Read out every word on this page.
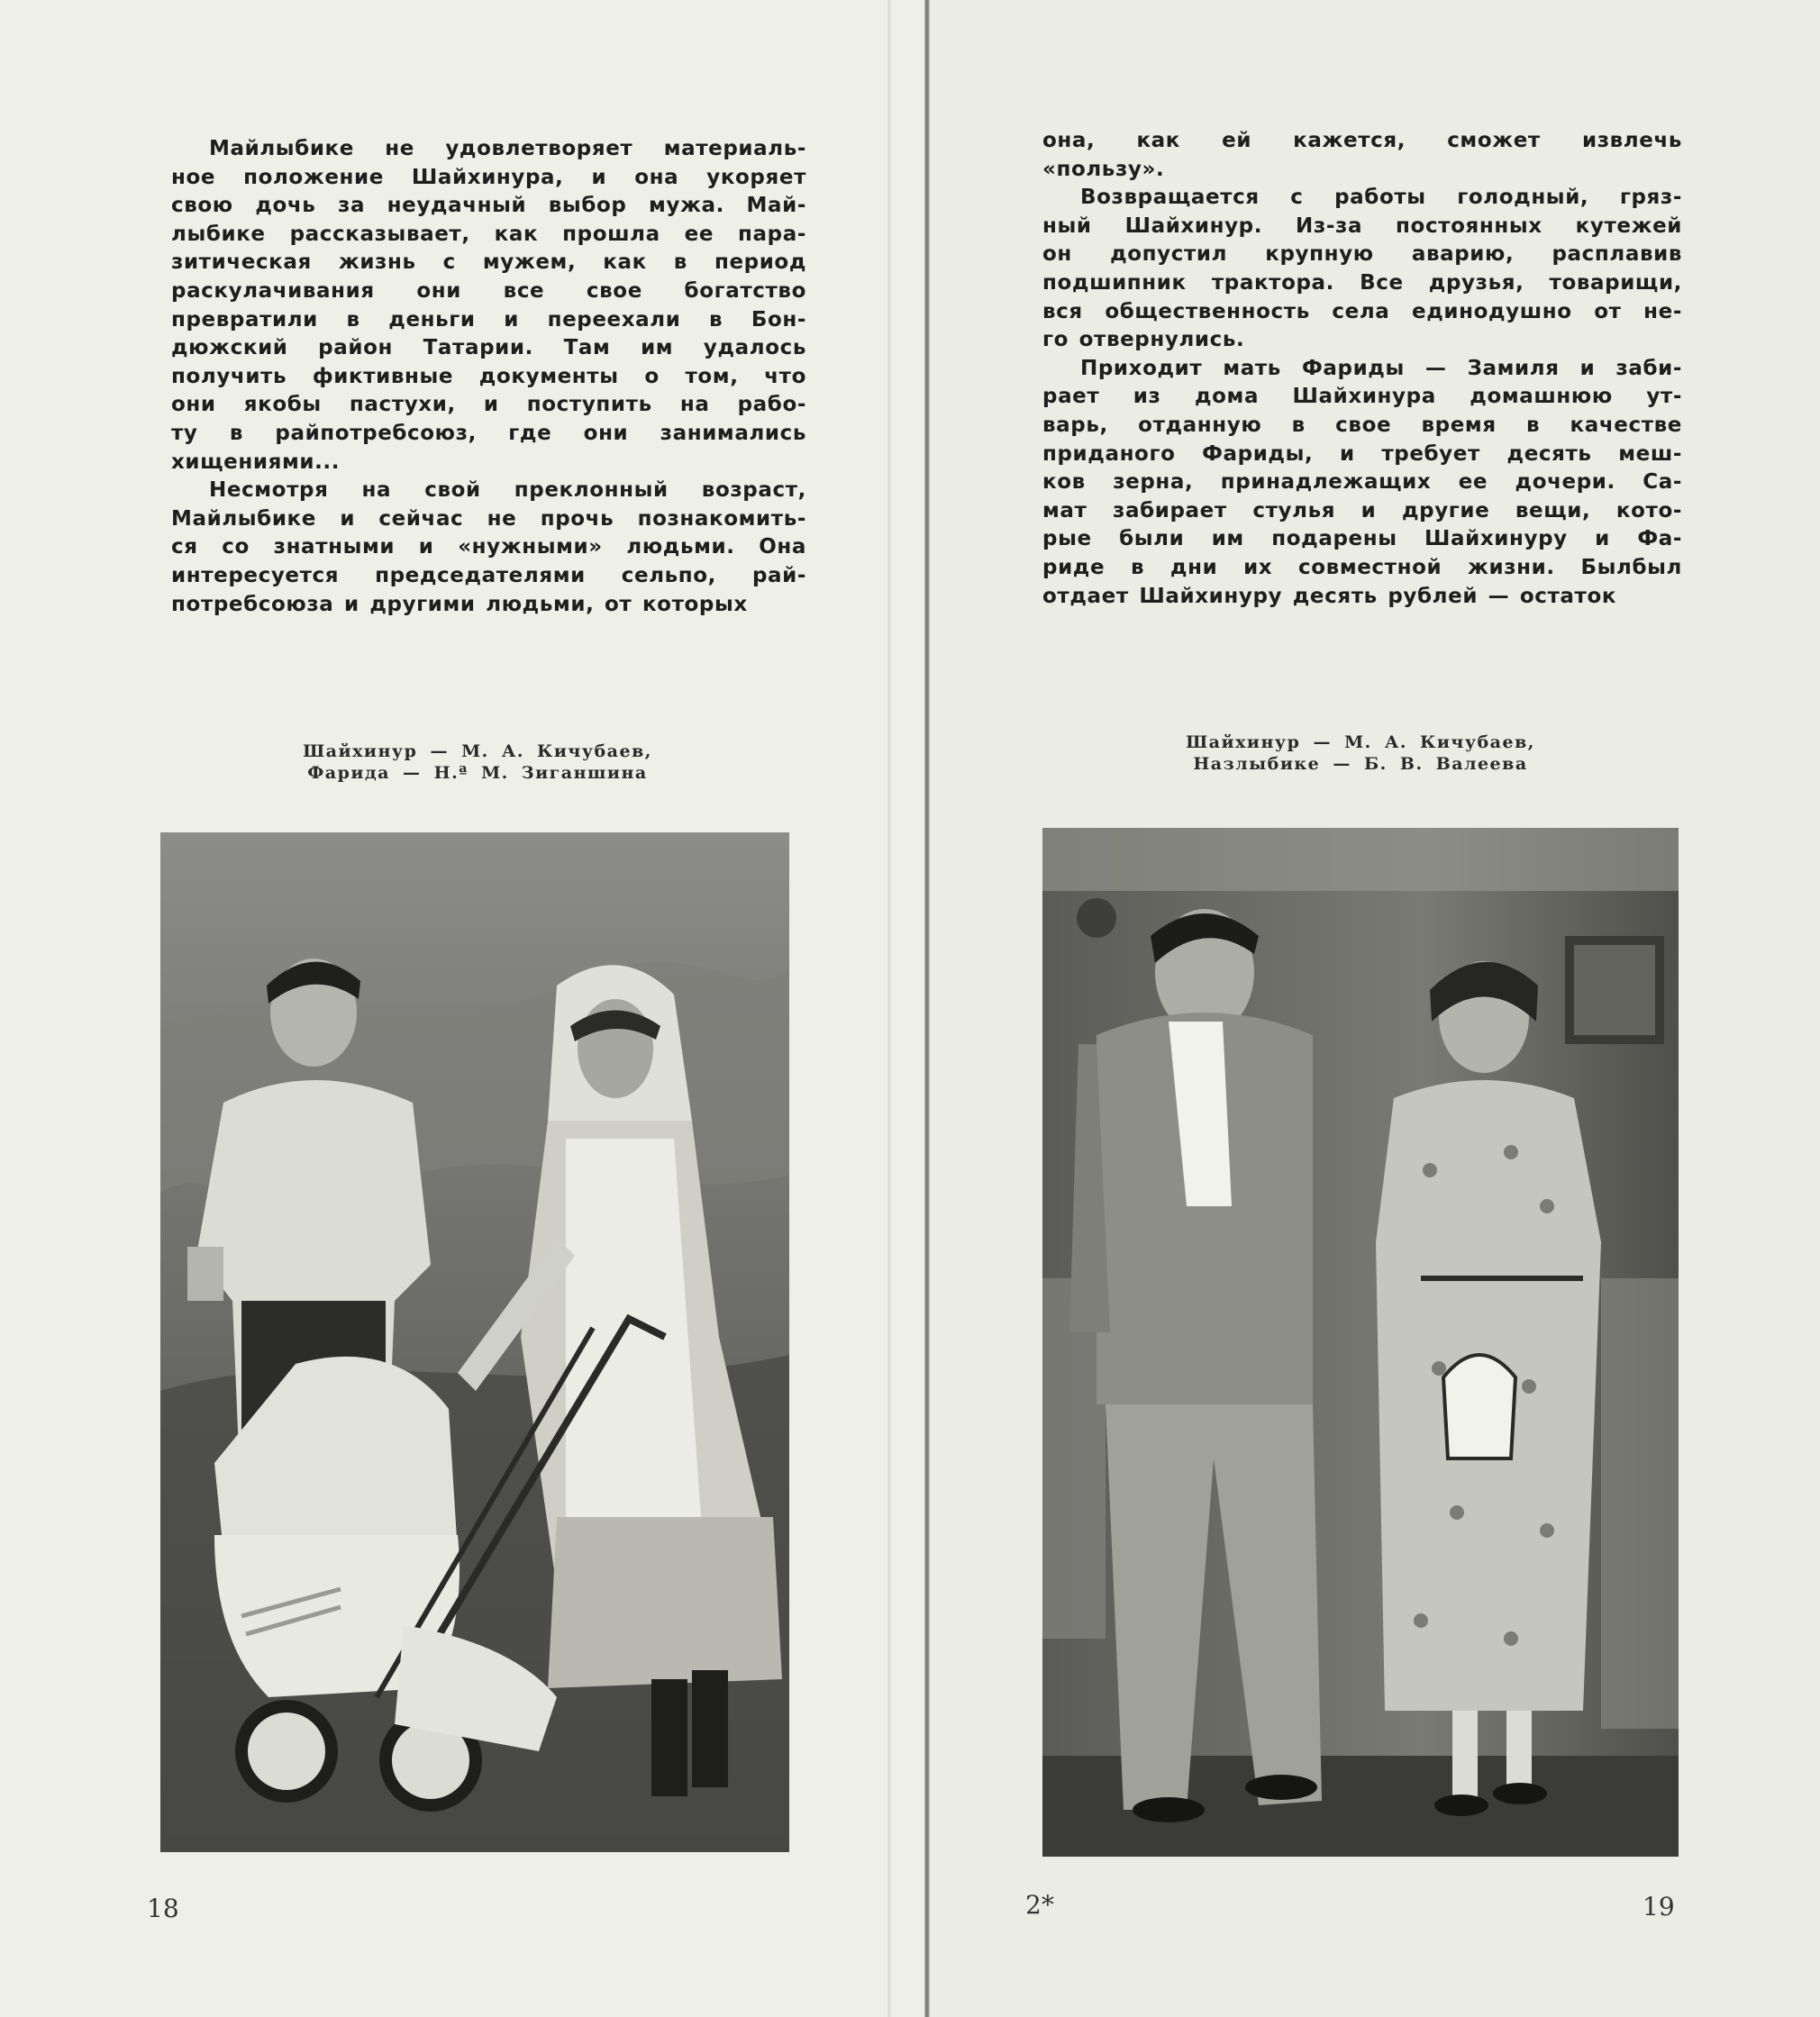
Майлыбике не удовлетворяет материаль-
ное положение Шайхинура, и она укоряет
свою дочь за неудачный выбор мужа. Май-
лыбике рассказывает, как прошла ее пара-
зитическая жизнь с мужем, как в период
раскулачивания они все свое богатство
превратили в деньги и переехали в Бон-
дюжский район Татарии. Там им удалось
получить фиктивные документы о том, что
они якобы пастухи, и поступить на рабо-
ту в райпотребсоюз, где они занимались
хищениями...

Несмотря на свой преклонный возраст,
Майлыбике и сейчас не прочь познакомить-
ся со знатными и «нужными» людьми. Она
интересуется председателями сельпо, рай-
потребсоюза и другими людьми, от которых

она, как ей кажется, сможет извлечь
«пользу».

Возвращается с работы голодный, гряз-
ный Шайхинур. Из-за постоянных кутежей
он допустил крупную аварию, расплавив
подшипник трактора. Все друзья, товарищи,
вся общественность села единодушно от не-
го отвернулись.

Приходит мать Фариды — Замиля и заби-
рает из дома Шайхинура домашнюю ут-
варь, отданную в свое время в качестве
приданого Фариды, и требует десять меш-
ков зерна, принадлежащих ее дочери. Са-
мат забирает стулья и другие вещи, кото-
рые были им подарены Шайхинуру и Фа-
риде в дни их совместной жизни. Былбыл
отдает Шайхинуру десять рублей — остаток

Шайхинур — М. А. Кичубаев,
Фарида — Н.ª М. Зиганшина
Шайхинур — М. А. Кичубаев,
Назлыбике — Б. В. Валеева
18	2*	19
